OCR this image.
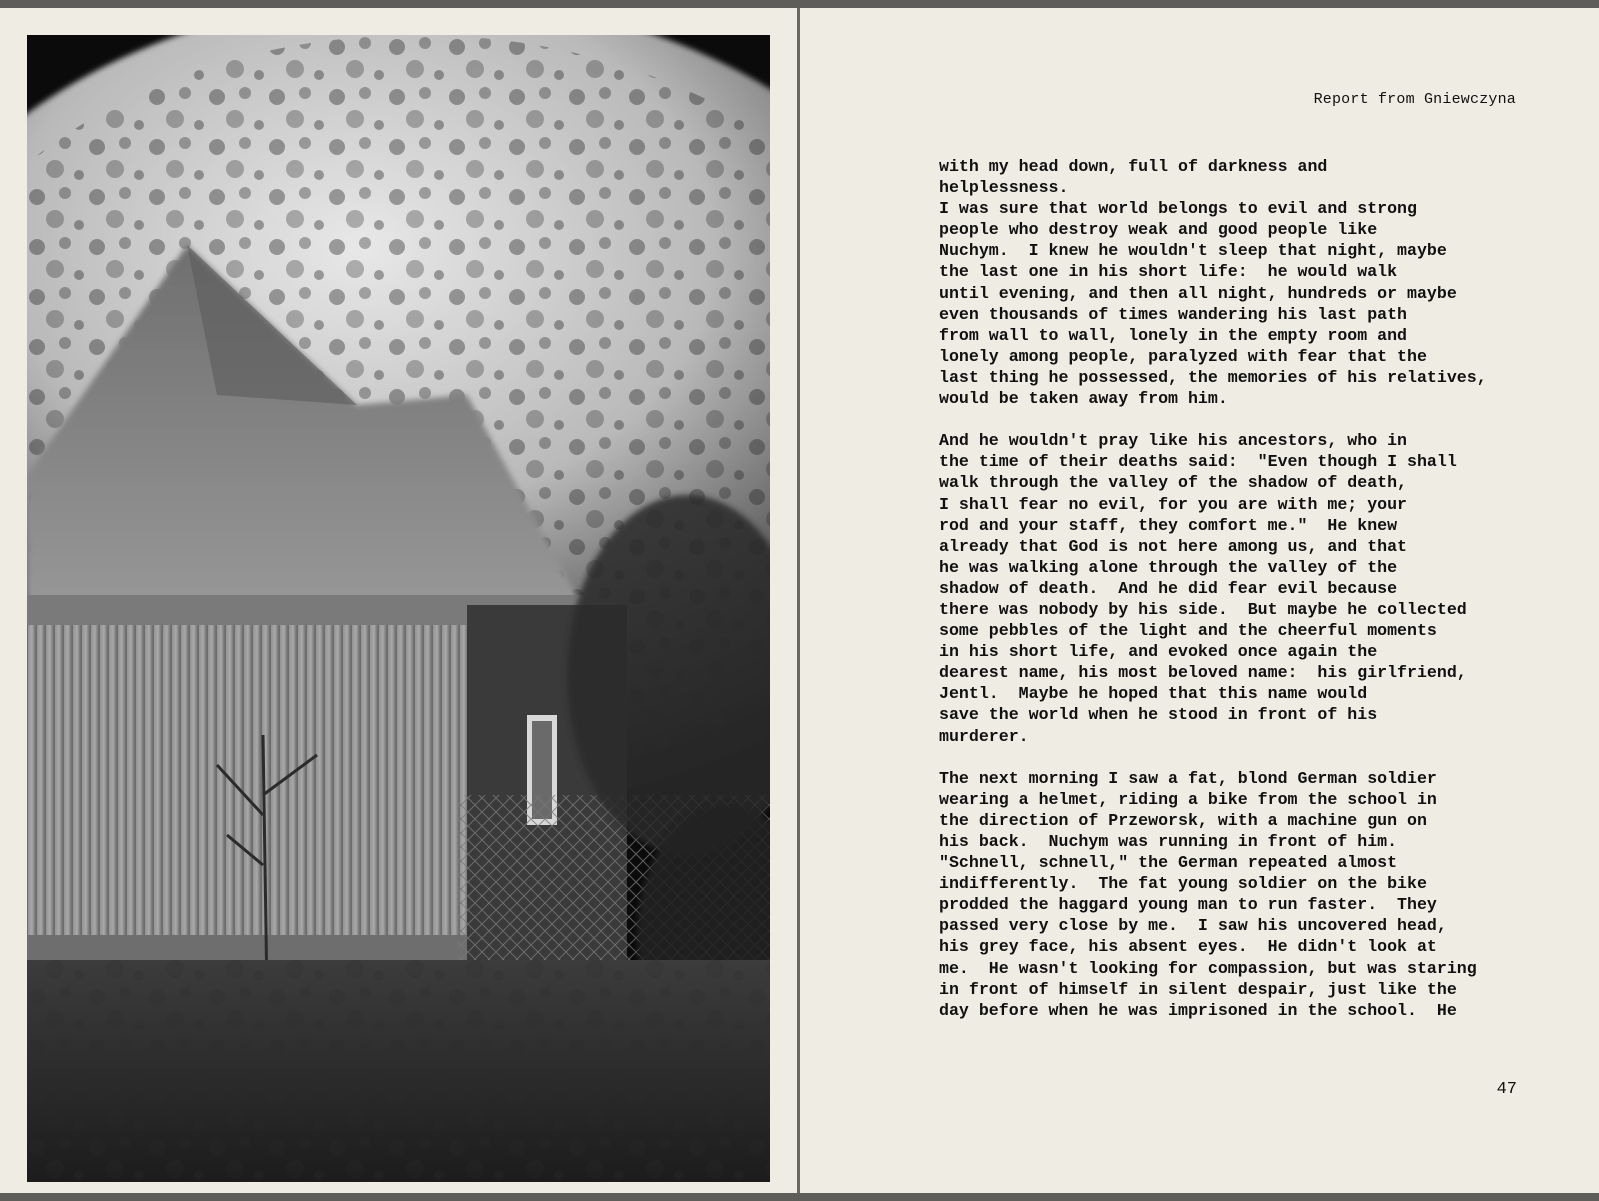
Report from Gniewczyna
with my head down, full of darkness and
helplessness.
I was sure that world belongs to evil and strong
people who destroy weak and good people like
Nuchym.  I knew he wouldn't sleep that night, maybe
the last one in his short life:  he would walk
until evening, and then all night, hundreds or maybe
even thousands of times wandering his last path
from wall to wall, lonely in the empty room and
lonely among people, paralyzed with fear that the
last thing he possessed, the memories of his relatives,
would be taken away from him.

And he wouldn't pray like his ancestors, who in
the time of their deaths said:  "Even though I shall
walk through the valley of the shadow of death,
I shall fear no evil, for you are with me; your
rod and your staff, they comfort me."  He knew
already that God is not here among us, and that
he was walking alone through the valley of the
shadow of death.  And he did fear evil because
there was nobody by his side.  But maybe he collected
some pebbles of the light and the cheerful moments
in his short life, and evoked once again the
dearest name, his most beloved name:  his girlfriend,
Jentl.  Maybe he hoped that this name would
save the world when he stood in front of his
murderer.

The next morning I saw a fat, blond German soldier
wearing a helmet, riding a bike from the school in
the direction of Przeworsk, with a machine gun on
his back.  Nuchym was running in front of him.
"Schnell, schnell," the German repeated almost
indifferently.  The fat young soldier on the bike
prodded the haggard young man to run faster.  They
passed very close by me.  I saw his uncovered head,
his grey face, his absent eyes.  He didn't look at
me.  He wasn't looking for compassion, but was staring
in front of himself in silent despair, just like the
day before when he was imprisoned in the school.  He
47
